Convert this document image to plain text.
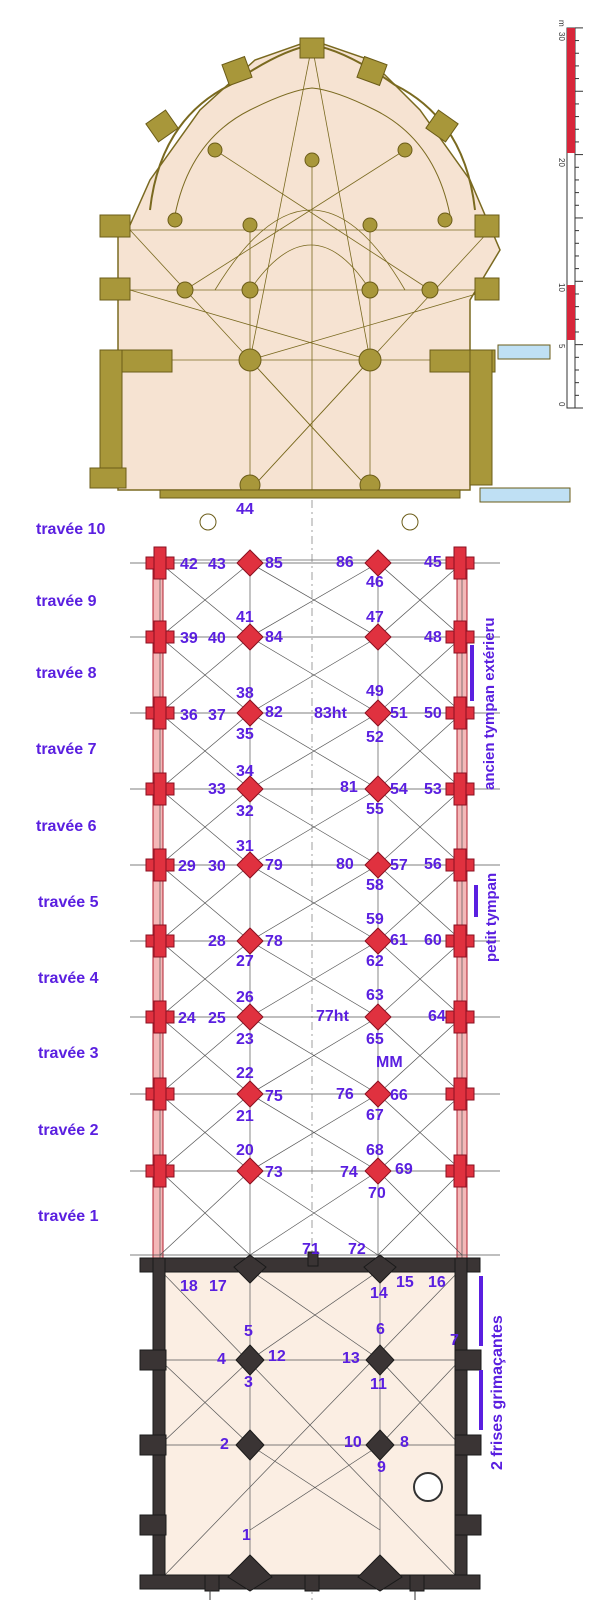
travée 10
travée 9
travée 8
travée 7
travée 6
travée 5
travée 4
travée 3
travée 2
travée 1
44
42 43 85	86
46
45
41	47
39 40 84	48
38	49
36 37 82 83ht	51 50
35	52
34
33	81 54 53
32	55
31
29 30 79	80 57 56
58
59
28 78	61 60
27	62
26	63
24 25	77ht	64
23	65
MM
22
75	76 66
21	67
20	68
73	74 69
70
71 72
18 17	15 16
14
5	6
4	12	13
7
3	11
2	10 8
9
1
ancien tympan extérieru
petit tympan
2 frises grimaçantes
0
5
10
20
30
m
